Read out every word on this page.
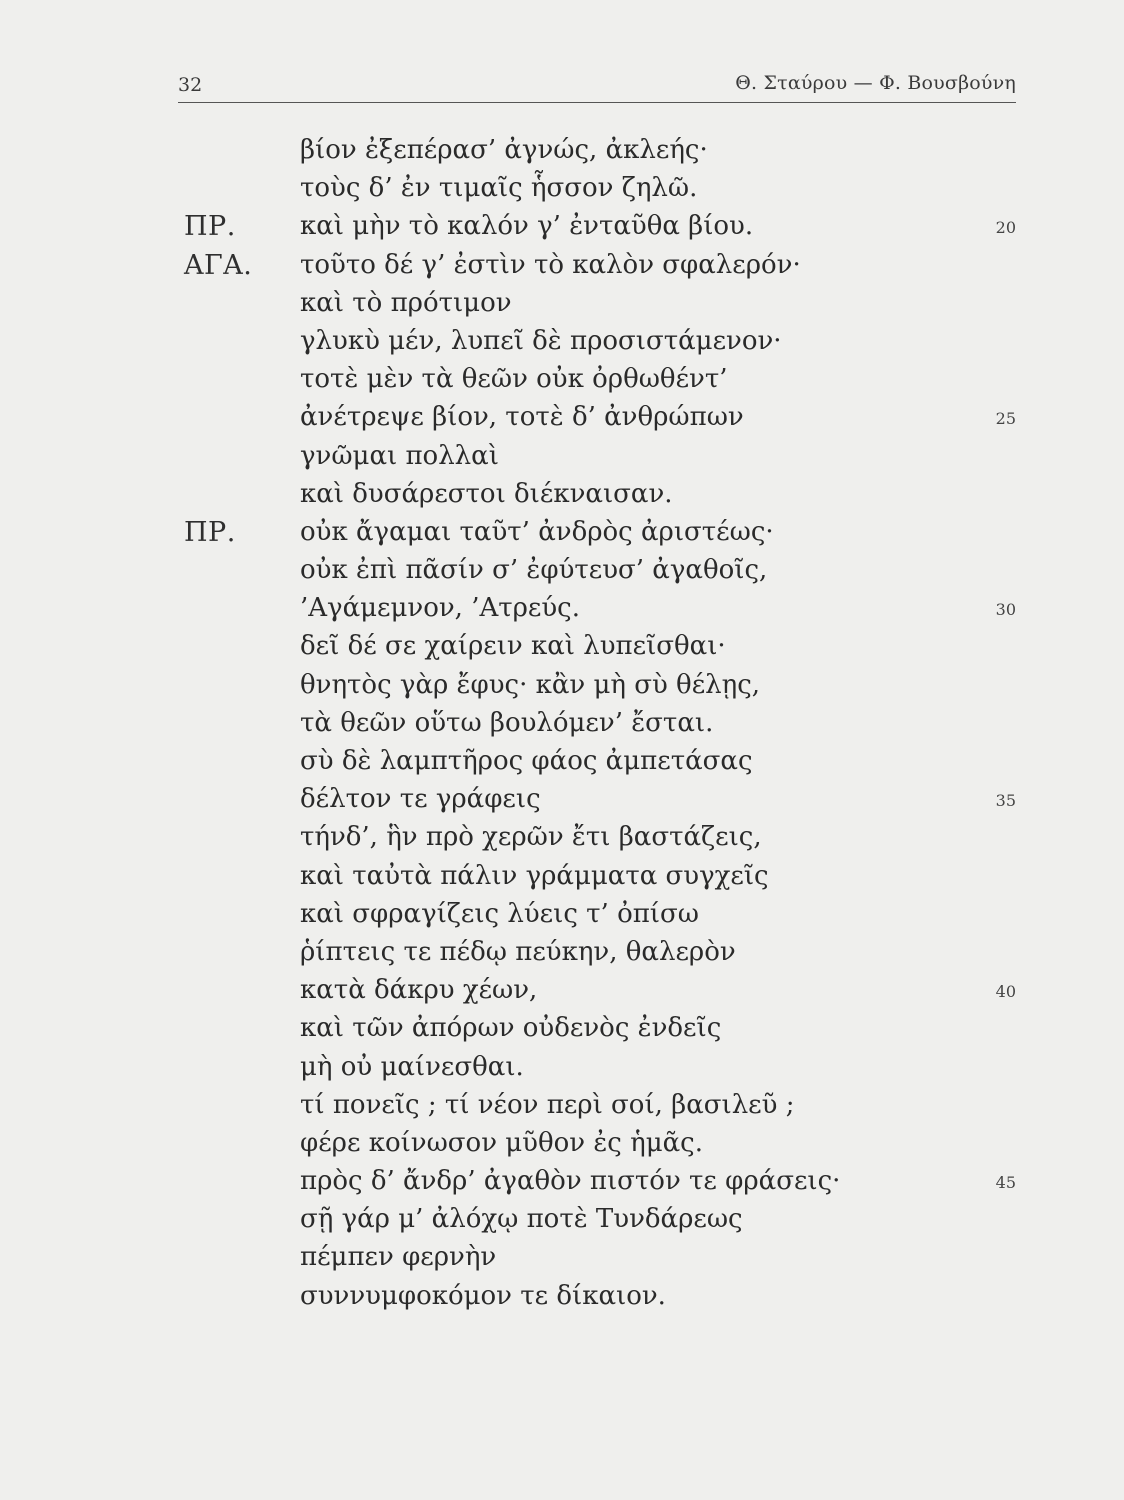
32	Θ. Σταύρου — Φ. Βουσβούνη
βίον ἐξεπέρασ’ ἀγνώς, ἀκλεής·
τοὺς δ’ ἐν τιμαῖς ἧσσον ζηλῶ.
ΠΡ. καὶ μὴν τὸ καλόν γ’ ἐνταῦθα βίου.	20
ΑΓΑ. τοῦτο δέ γ’ ἐστὶν τὸ καλὸν σφαλερόν·
καὶ τὸ πρότιμον
γλυκὺ μέν, λυπεῖ δὲ προσιστάμενον·
τοτὲ μὲν τὰ θεῶν οὐκ ὀρθωθέντ’
ἀνέτρεψε βίον, τοτὲ δ’ ἀνθρώπων	25
γνῶμαι πολλαὶ
καὶ δυσάρεστοι διέκναισαν.
ΠΡ. οὐκ ἄγαμαι ταῦτ’ ἀνδρὸς ἀριστέως·
οὐκ ἐπὶ πᾶσίν σ’ ἐφύτευσ’ ἀγαθοῖς,
’Αγάμεμνον, ’Ατρεύς.	30
δεῖ δέ σε χαίρειν καὶ λυπεῖσθαι·
θνητὸς γὰρ ἔφυς· κἂν μὴ σὺ θέλῃς,
τὰ θεῶν οὕτω βουλόμεν’ ἔσται.
σὺ δὲ λαμπτῆρος φάος ἀμπετάσας
δέλτον τε γράφεις	35
τήνδ’, ἣν πρὸ χερῶν ἔτι βαστάζεις,
καὶ ταὐτὰ πάλιν γράμματα συγχεῖς
καὶ σφραγίζεις λύεις τ’ ὀπίσω
ῥίπτεις τε πέδῳ πεύκην, θαλερὸν
κατὰ δάκρυ χέων,	40
καὶ τῶν ἀπόρων οὐδενὸς ἐνδεῖς
μὴ οὐ μαίνεσθαι.
τί πονεῖς ; τί νέον περὶ σοί, βασιλεῦ ;
φέρε κοίνωσον μῦθον ἐς ἡμᾶς.
πρὸς δ’ ἄνδρ’ ἀγαθὸν πιστόν τε φράσεις·	45
σῇ γάρ μ’ ἀλόχῳ ποτὲ Τυνδάρεως
πέμπεν φερνὴν
συννυμφοκόμον τε δίκαιον.
